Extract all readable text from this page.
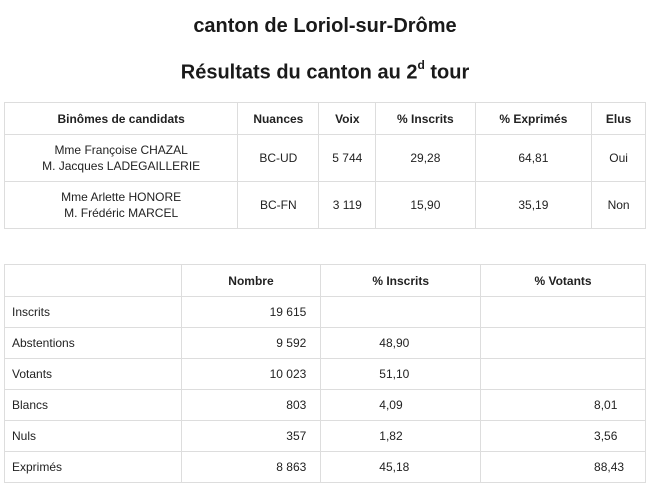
canton de Loriol-sur-Drôme
Résultats du canton au 2$^d$ tour
Binômes de candidats	Nuances	Voix	% Inscrits	% Exprimés	Elus

Mme Françoise CHAZAL
M. Jacques LADEGAILLERIE	BC-UD	5 744	29,28	64,81	Oui

Mme Arlette HONORE
M. Frédéric MARCEL	BC-FN	3 119	15,90	35,19	Non
	Nombre	% Inscrits	% Votants
Inscrits	19 615		
Abstentions	9 592	48,90	
Votants	10 023	51,10	
Blancs	803	4,09	8,01
Nuls	357	1,82	3,56
Exprimés	8 863	45,18	88,43
